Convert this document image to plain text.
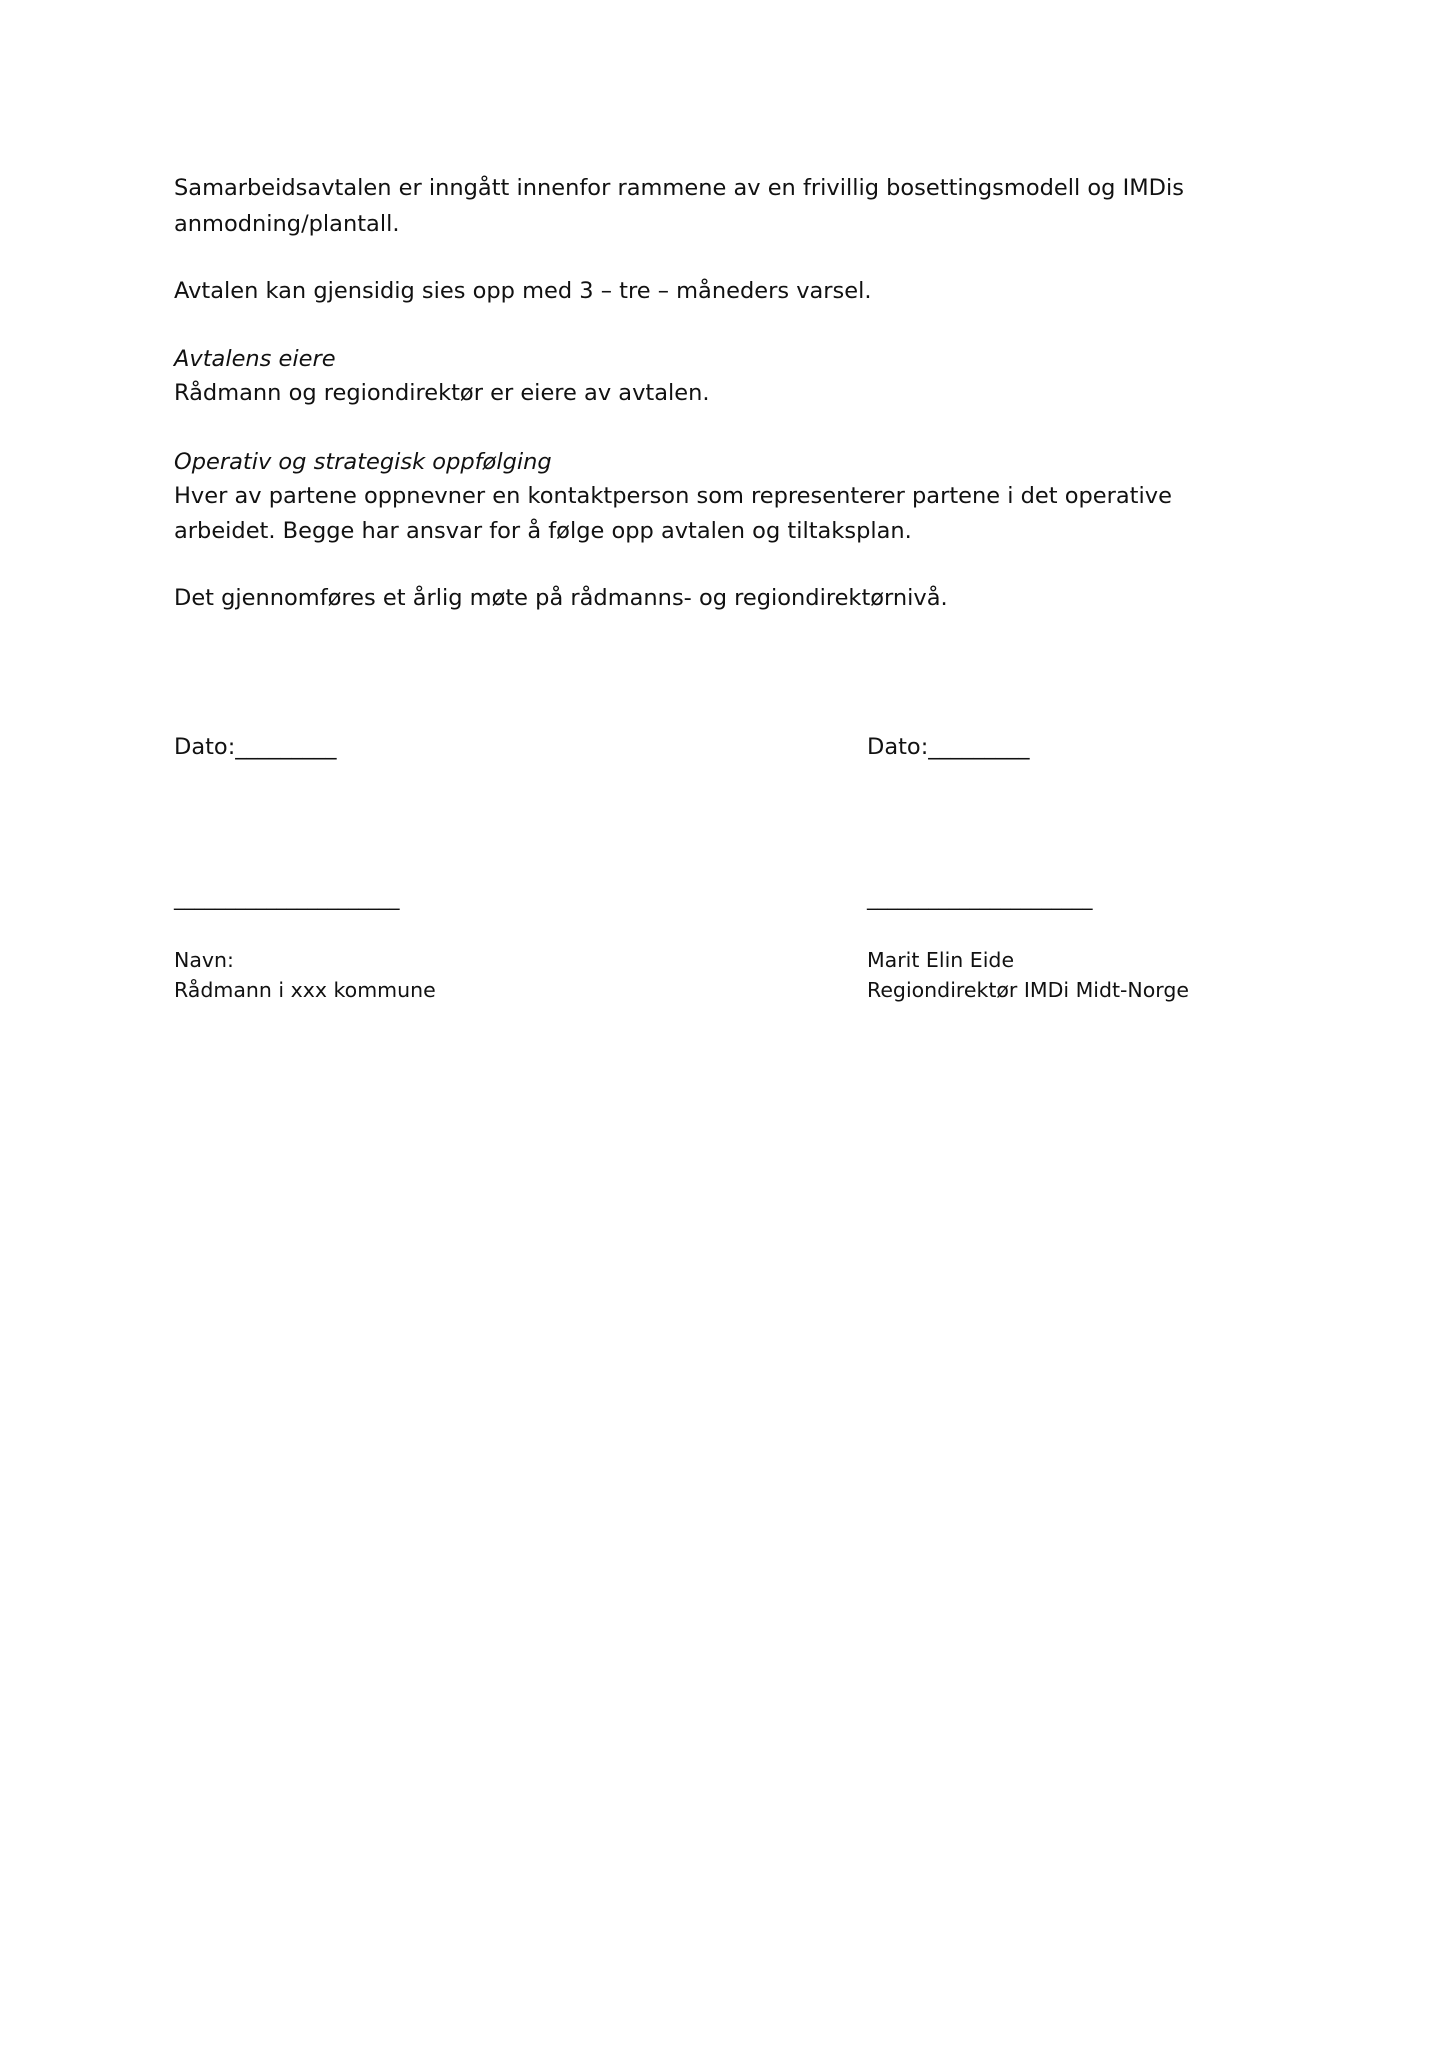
Samarbeidsavtalen er inngått innenfor rammene av en frivillig bosettingsmodell og IMDis
anmodning/plantall.
Avtalen kan gjensidig sies opp med 3 – tre – måneders varsel.
Avtalens eiere
Rådmann og regiondirektør er eiere av avtalen.
Operativ og strategisk oppfølging
Hver av partene oppnevner en kontaktperson som representerer partene i det operative
arbeidet. Begge har ansvar for å følge opp avtalen og tiltaksplan.
Det gjennomføres et årlig møte på rådmanns- og regiondirektørnivå.
Dato:_________	Dato:_________
______________________	______________________
Navn:
Rådmann i xxx kommune
Marit Elin Eide
Regiondirektør IMDi Midt-Norge
